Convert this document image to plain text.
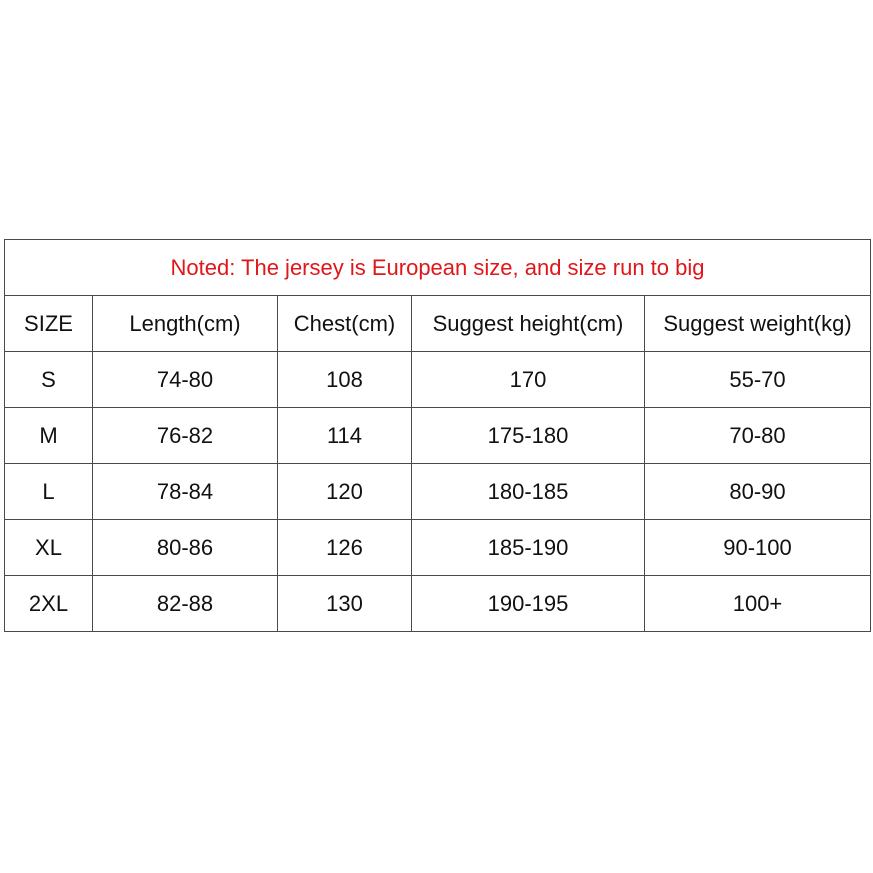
Noted: The jersey is European size, and size run to big				
SIZE	Length(cm)	Chest(cm)	Suggest height(cm)	Suggest weight(kg)
S	74-80	108	170	55-70
M	76-82	114	175-180	70-80
L	78-84	120	180-185	80-90
XL	80-86	126	185-190	90-100
2XL	82-88	130	190-195	100+
